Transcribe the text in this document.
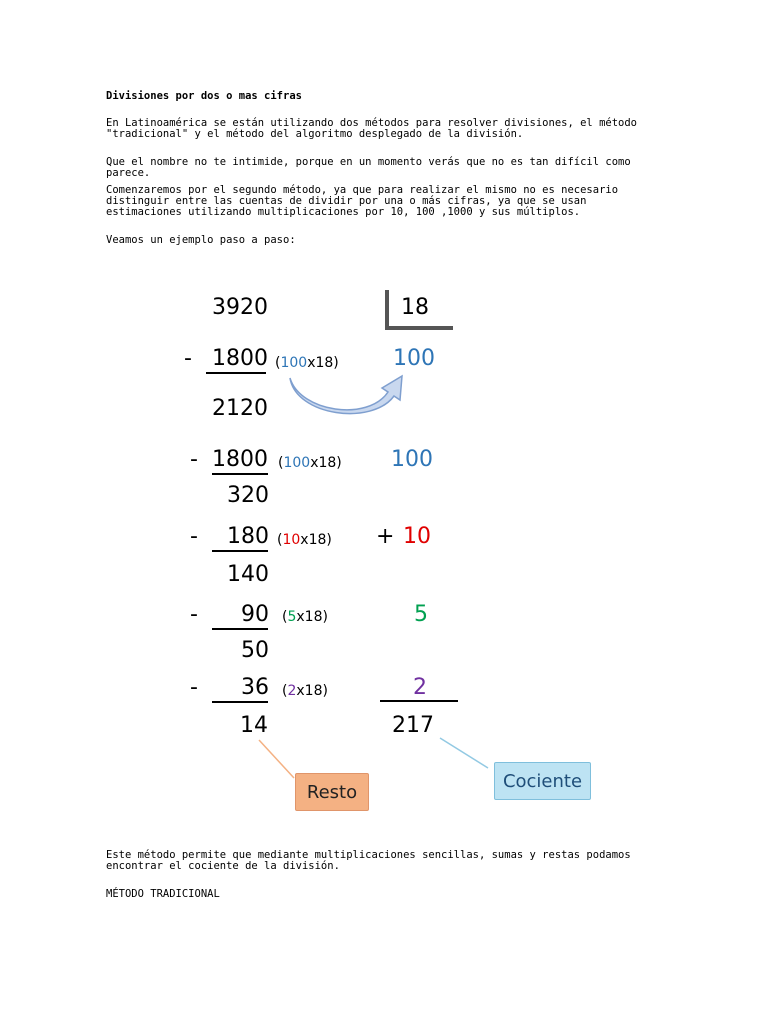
Divisiones por dos o mas cifras

En Latinoamérica se están utilizando dos métodos para resolver divisiones, el método "tradicional" y el método del algoritmo desplegado de la división.

Que el nombre no te intimide, porque en un momento verás que no es tan difícil como parece.

Comenzaremos por el segundo método, ya que para realizar el mismo no es necesario distinguir entre las cuentas de dividir por una o más cifras, ya que se usan estimaciones utilizando multiplicaciones por 10, 100 ,1000 y sus múltiplos.

Veamos un ejemplo paso a paso:

Este método permite que mediante multiplicaciones sencillas, sumas y restas podamos encontrar el cociente de la división.

MÉTODO TRADICIONAL

3920	18
- 1800 (100x18) 100
2120
- 1800 (100x18) 100
320
- 180 (10x18) + 10
140
- 90 (5x18)	5
50
- 36 (2x18)	2
14	217
Resto
Cociente
